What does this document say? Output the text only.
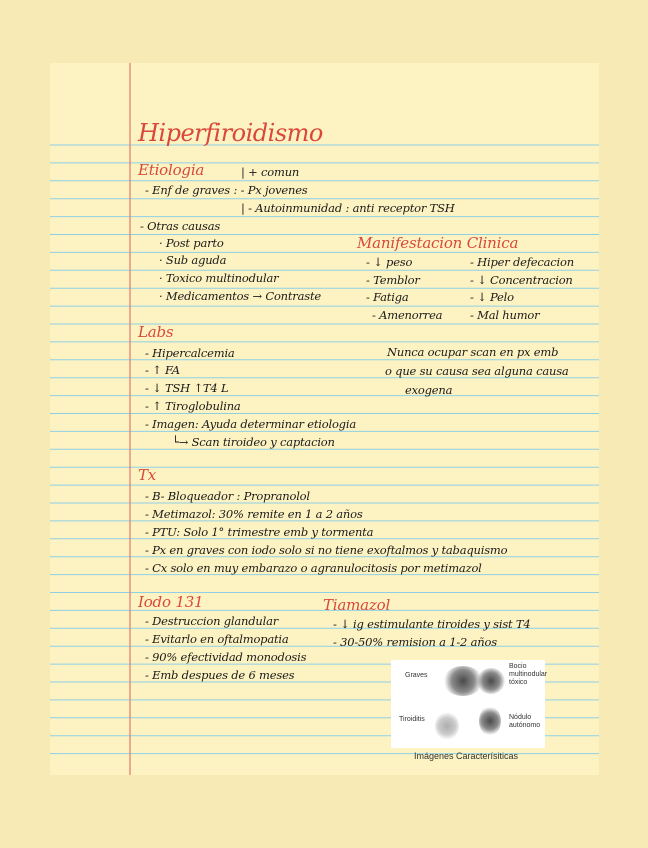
Hiperfiroidismo
Etiologia	| + comun
- Enf de graves : - Px jovenes
| - Autoinmunidad : anti receptor TSH
- Otras causas
· Post parto
· Sub aguda
· Toxico multinodular
· Medicamentos → Contraste
Manifestacion Clinica
- ↓ peso
- Temblor
- Fatiga
- Amenorrea
- Hiper defecacion
- ↓ Concentracion
- ↓ Pelo
- Mal humor
Labs
- Hipercalcemia
- ↑ FA
- ↓ TSH ↑T4 L
- ↑ Tiroglobulina
- Imagen: Ayuda determinar etiologia
└→ Scan tiroideo y captacion
Nunca ocupar scan en px emb
o que su causa sea alguna causa
exogena
Tx
- B- Bloqueador : Propranolol
- Metimazol: 30% remite en 1 a 2 años
- PTU: Solo 1° trimestre emb y tormenta
- Px en graves con iodo solo si no tiene exoftalmos y tabaquismo
- Cx solo en muy embarazo o agranulocitosis por metimazol
Iodo 131
- Destruccion glandular
- Evitarlo en oftalmopatia
- 90% efectividad monodosis
- Emb despues de 6 meses
Tiamazol
- ↓ ig estimulante tiroides y sist T4
- 30-50% remision a 1-2 años
Graves
Bocio
multinodular
tóxico
Tiroiditis	Nódulo
autónomo
Imágenes Caracterísiticas
